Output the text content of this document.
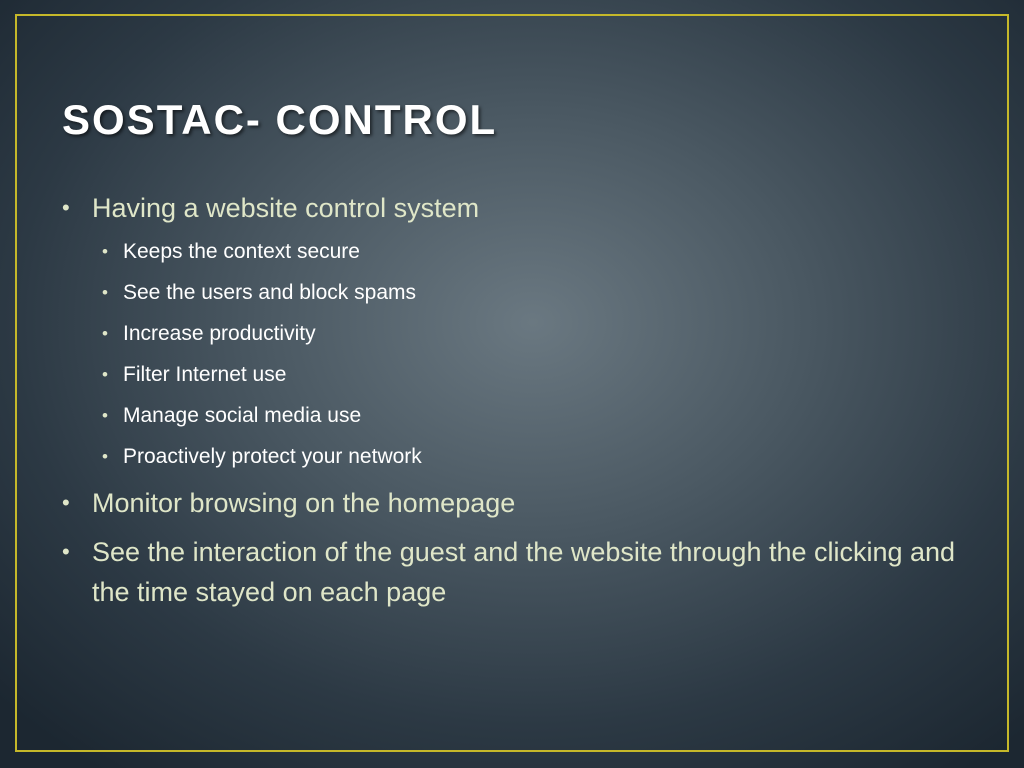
SOSTAC- CONTROL
• Having a website control system
• Keeps the context secure
• See the users and block spams
• Increase productivity
• Filter Internet use
• Manage social media use
• Proactively protect your network
• Monitor browsing on the homepage
• See the interaction of the guest and the website through the clicking and the time stayed on each page
